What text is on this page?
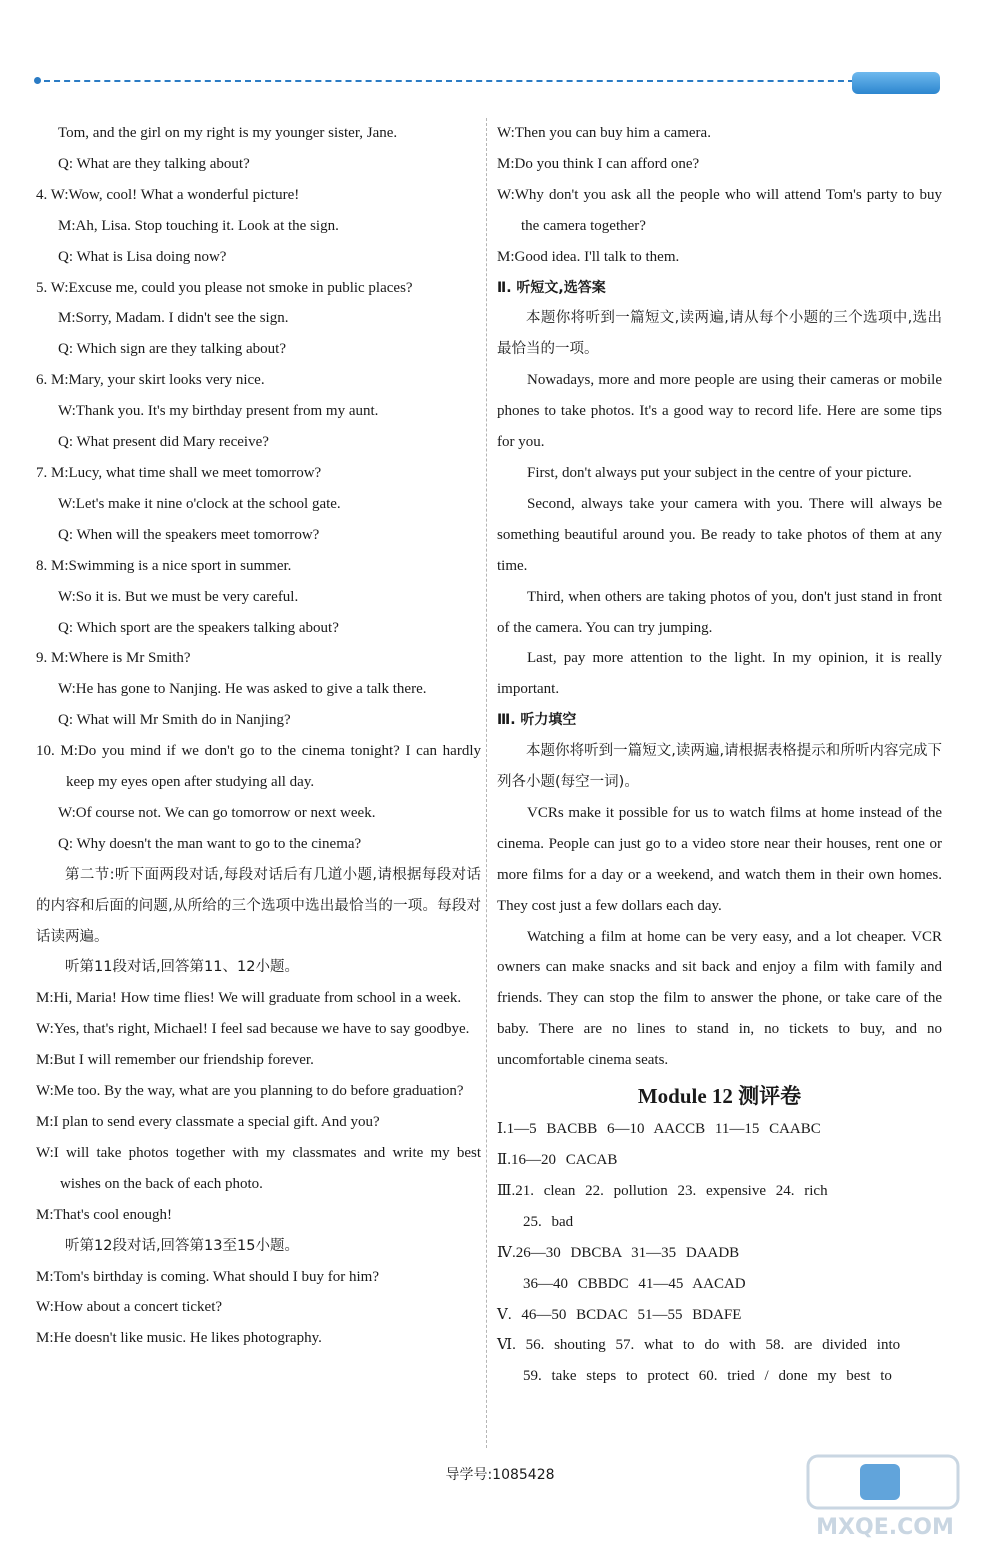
Tom, and the girl on my right is my younger sister, Jane.

Q: What are they talking about?

4. W:Wow, cool! What a wonderful picture!

M:Ah, Lisa. Stop touching it. Look at the sign.

Q: What is Lisa doing now?

5. W:Excuse me, could you please not smoke in public places?

M:Sorry, Madam. I didn't see the sign.

Q: Which sign are they talking about?

6. M:Mary, your skirt looks very nice.

W:Thank you. It's my birthday present from my aunt.

Q: What present did Mary receive?

7. M:Lucy, what time shall we meet tomorrow?

W:Let's make it nine o'clock at the school gate.

Q: When will the speakers meet tomorrow?

8. M:Swimming is a nice sport in summer.

W:So it is. But we must be very careful.

Q: Which sport are the speakers talking about?

9. M:Where is Mr Smith?

W:He has gone to Nanjing. He was asked to give a talk there.

Q: What will Mr Smith do in Nanjing?

10. M:Do you mind if we don't go to the cinema tonight? I can hardly keep my eyes open after studying all day.

W:Of course not. We can go tomorrow or next week.

Q: Why doesn't the man want to go to the cinema?

第二节:听下面两段对话,每段对话后有几道小题,请根据每段对话的内容和后面的问题,从所给的三个选项中选出最恰当的一项。每段对话读两遍。

听第11段对话,回答第11、12小题。

M:Hi, Maria! How time flies! We will graduate from school in a week.

W:Yes, that's right, Michael! I feel sad because we have to say goodbye.

M:But I will remember our friendship forever.

W:Me too. By the way, what are you planning to do before graduation?

M:I plan to send every classmate a special gift. And you?

W:I will take photos together with my classmates and write my best wishes on the back of each photo.

M:That's cool enough!

听第12段对话,回答第13至15小题。

M:Tom's birthday is coming. What should I buy for him?

W:How about a concert ticket?

M:He doesn't like music. He likes photography.

W:Then you can buy him a camera.

M:Do you think I can afford one?

W:Why don't you ask all the people who will attend Tom's party to buy the camera together?

M:Good idea. I'll talk to them.

Ⅱ. 听短文,选答案

本题你将听到一篇短文,读两遍,请从每个小题的三个选项中,选出最恰当的一项。

Nowadays, more and more people are using their cameras or mobile phones to take photos. It's a good way to record life. Here are some tips for you.

First, don't always put your subject in the centre of your picture.

Second, always take your camera with you. There will always be something beautiful around you. Be ready to take photos of them at any time.

Third, when others are taking photos of you, don't just stand in front of the camera. You can try jumping.

Last, pay more attention to the light. In my opinion, it is really important.

Ⅲ. 听力填空

本题你将听到一篇短文,读两遍,请根据表格提示和所听内容完成下列各小题(每空一词)。

VCRs make it possible for us to watch films at home instead of the cinema. People can just go to a video store near their houses, rent one or more films for a day or a weekend, and watch them in their own homes. They cost just a few dollars each day.

Watching a film at home can be very easy, and a lot cheaper. VCR owners can make snacks and sit back and enjoy a film with family and friends. They can stop the film to answer the phone, or take care of the baby. There are no lines to stand in, no tickets to buy, and no uncomfortable cinema seats.

Module 12 测评卷

Ⅰ.1—5 BACBB 6—10 AACCB 11—15 CAABC

Ⅱ.16—20 CACAB

Ⅲ.21. clean 22. pollution 23. expensive 24. rich

25. bad

Ⅳ.26—30 DBCBA 31—35 DAADB

36—40 CBBDC 41—45 AACAD

Ⅴ. 46—50 BCDAC 51—55 BDAFE

Ⅵ. 56. shouting 57. what to do with 58. are divided into

59. take steps to protect 60. tried / done my best to

导学号:1085428
MXQE.COM
